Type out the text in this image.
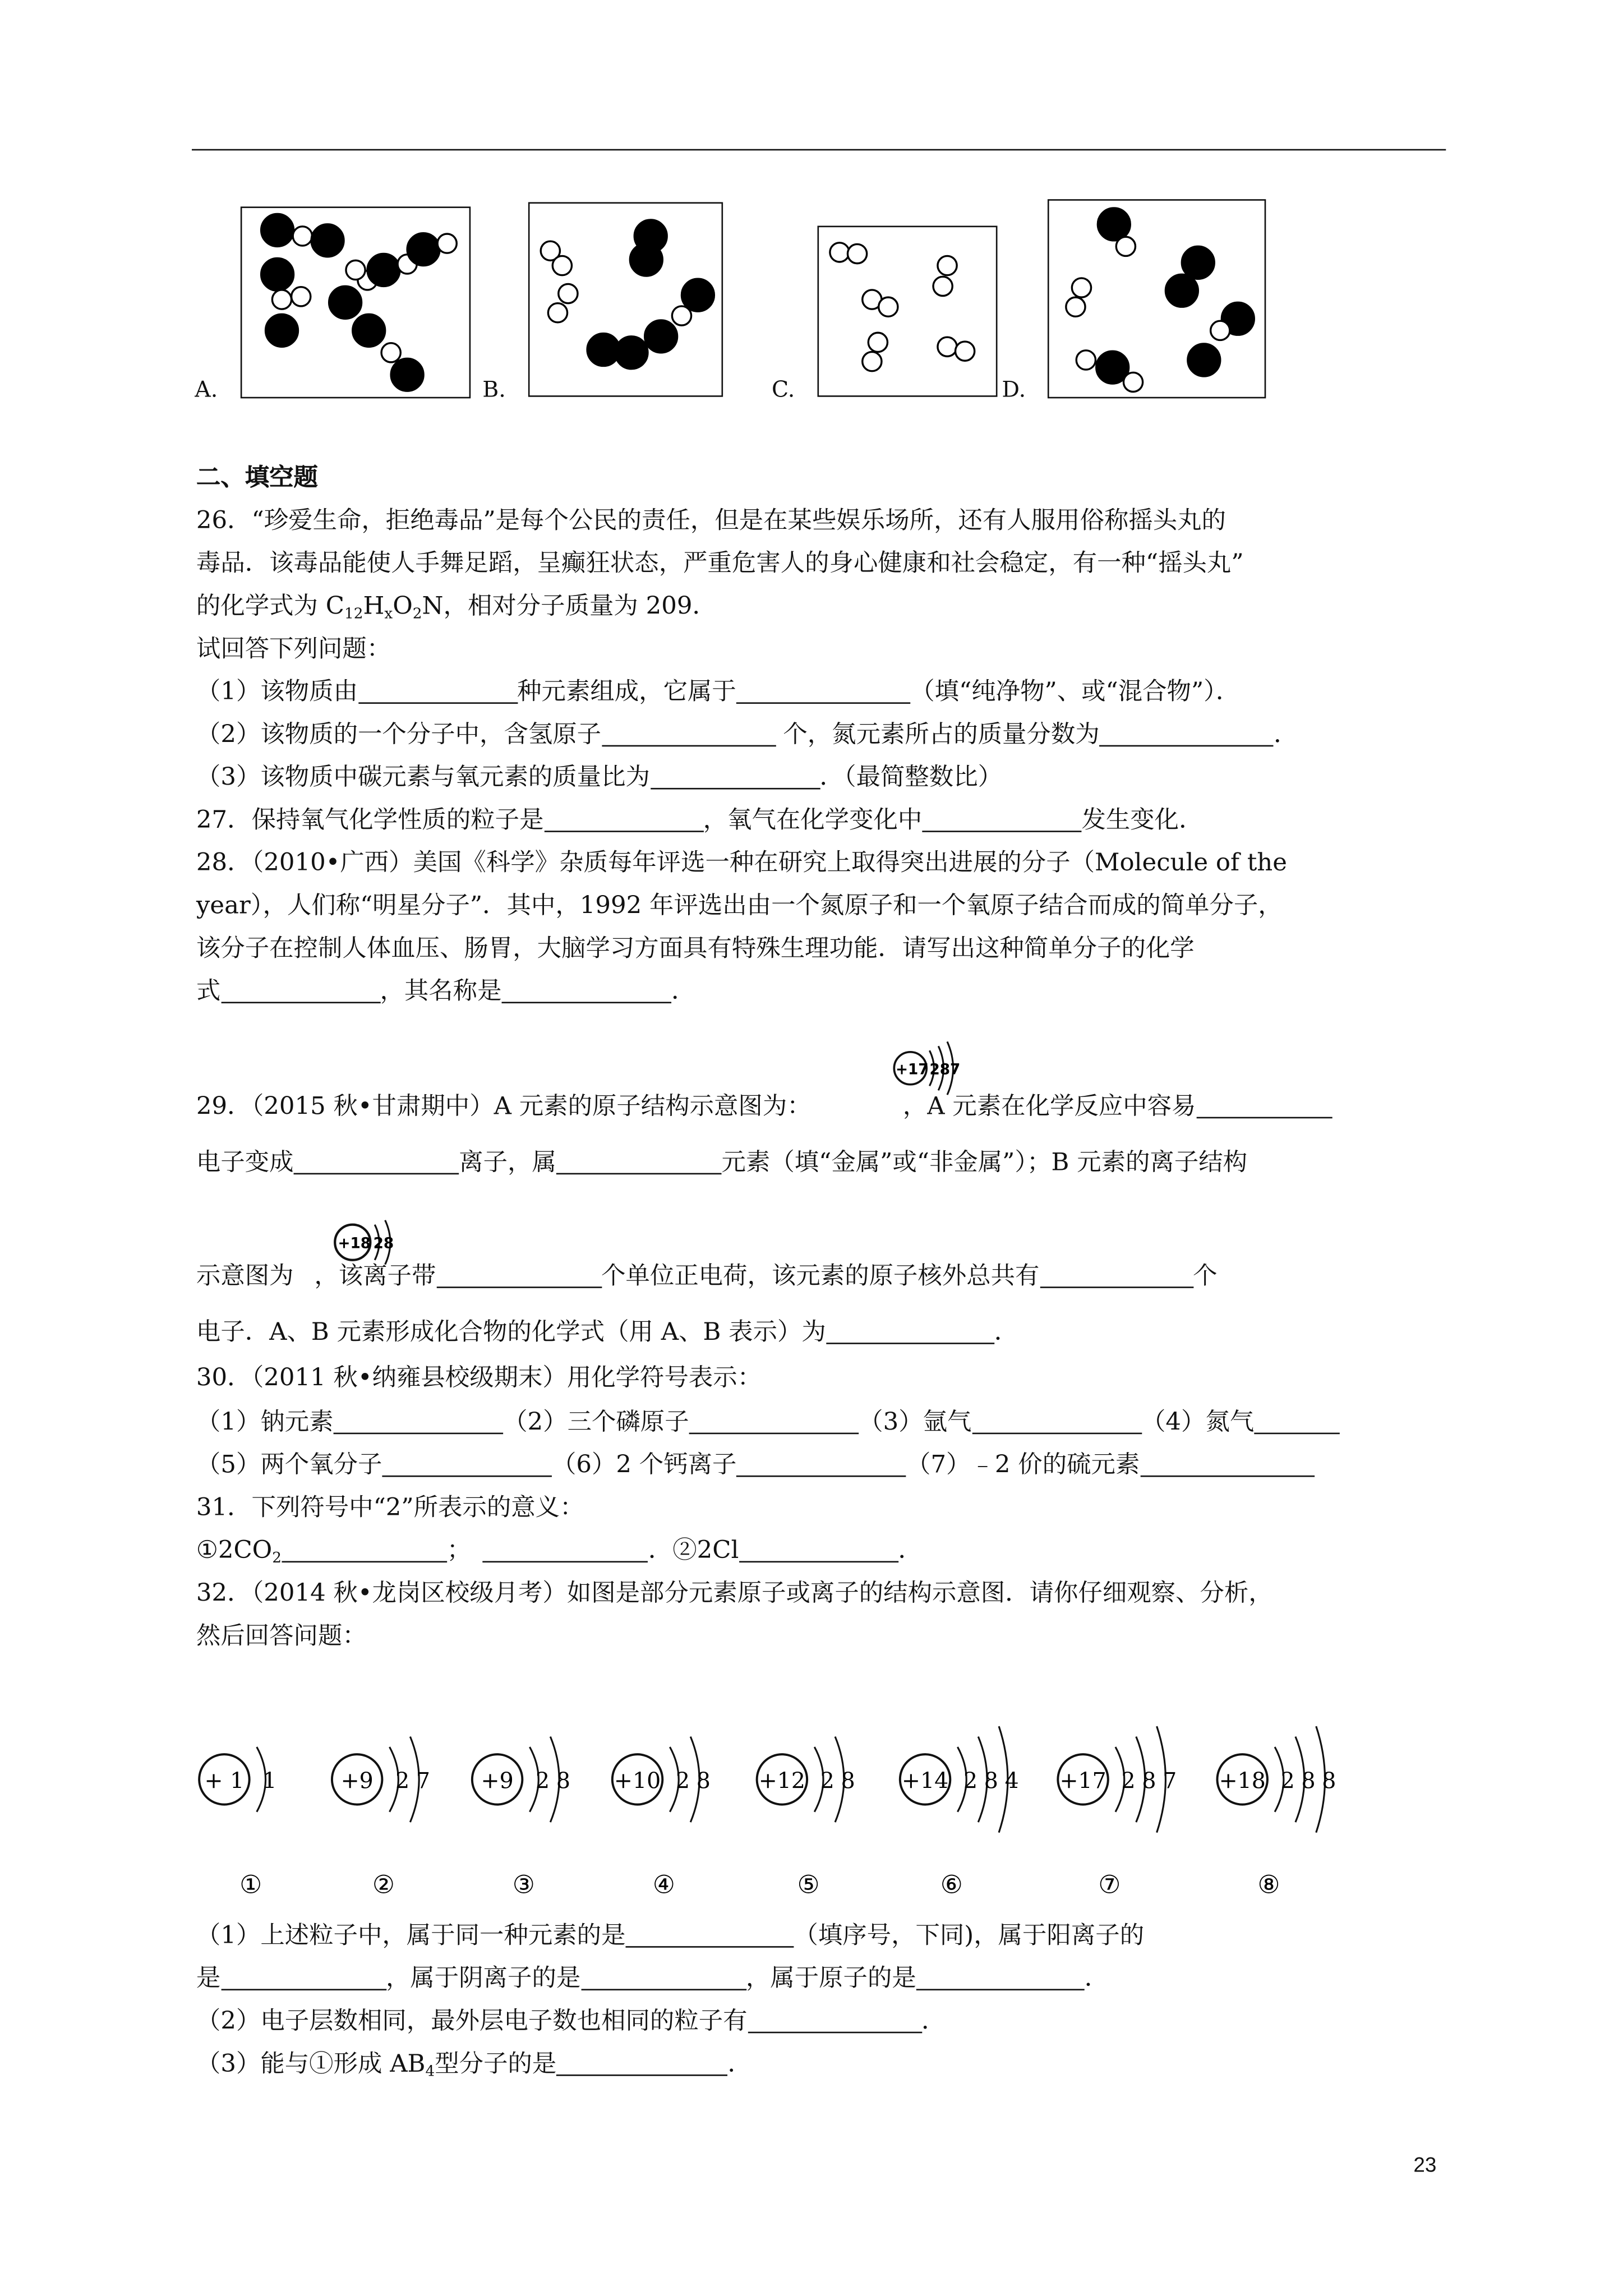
A.	B.	C.	D.
二、填空题
26．“珍爱生命，拒绝毒品”是每个公民的责任，但是在某些娱乐场所，还有人服用俗称摇头丸的
毒品．该毒品能使人手舞足蹈，呈癫狂状态，严重危害人的身心健康和社会稳定，有一种“摇头丸”
的化学式为 $C_{12}H_xO_2N$，相对分子质量为 209．
试回答下列问题：
（1）该物质由	种元素组成，它属于	（填“纯净物”、或“混合物”）．
（2）该物质的一个分子中，含氢原子	个，氮元素所占的质量分数为	．
（3）该物质中碳元素与氧元素的质量比为	．（最简整数比）
27．保持氧气化学性质的粒子是	，氧气在化学变化中	发生变化．
28．（2010•广西）美国《科学》杂质每年评选一种在研究上取得突出进展的分子（Molecule of the
year），人们称“明星分子”．其中，1992 年评选出由一个氮原子和一个氧原子结合而成的简单分子，
该分子在控制人体血压、肠胃，大脑学习方面具有特殊生理功能．请写出这种简单分子的化学
式	，其名称是	．
29．（2015 秋•甘肃期中）A 元素的原子结构示意图为：	，A 元素在化学反应中容易
+17 287
电子变成	离子，属	元素（填“金属”或“非金属”）；B 元素的离子结构
+18 28
示意图为 ，该离子带	个单位正电荷，该元素的原子核外总共有	个
电子．A、B 元素形成化合物的化学式（用 A、B 表示）为	．
30．（2011 秋•纳雍县校级期末）用化学符号表示：
（1）钠元素	（2）三个磷原子	（3）氩气	（4）氮气
（5）两个氧分子	（6）2 个钙离子	（7）﹣2 价的硫元素
31．下列符号中“2”所表示的意义：
$①2CO_2$	；	．②2Cl	．
32．（2014 秋•龙岗区校级月考）如图是部分元素原子或离子的结构示意图．请你仔细观察、分析，
然后回答问题：
+ 1 1
①
+9	2 7
②
+9	2 8
③
+10 2 8
④
+12 2 8
⑤
+14 2 8 4
⑥
+17 2 8 7
⑦
+18 2 8 8
⑧
（1）上述粒子中，属于同一种元素的是	（填序号，下同)，属于阳离子的
是	，属于阴离子的是	，属于原子的是	．
（2）电子层数相同，最外层电子数也相同的粒子有	．
（3）能与①形成 $AB_4$型分子的是	．
23
